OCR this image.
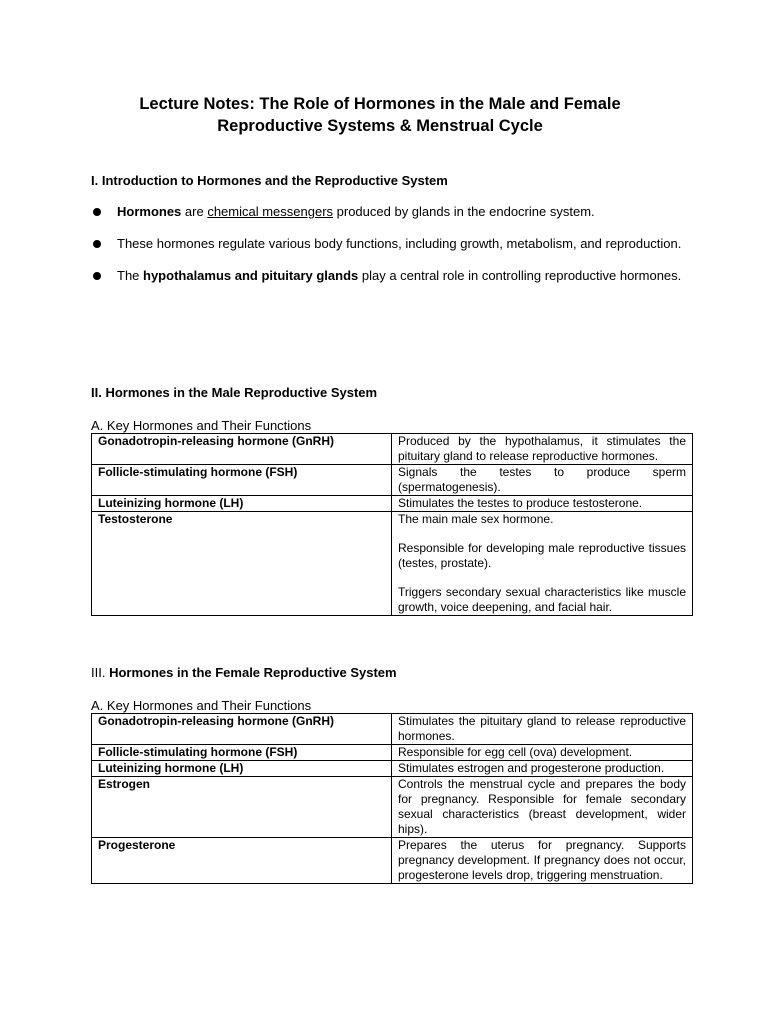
Lecture Notes: The Role of Hormones in the Male and Female
Reproductive Systems & Menstrual Cycle
I. Introduction to Hormones and the Reproductive System
Hormones are chemical messengers produced by glands in the endocrine system.
These hormones regulate various body functions, including growth, metabolism, and reproduction.
The hypothalamus and pituitary glands play a central role in controlling reproductive hormones.
II. Hormones in the Male Reproductive System
A. Key Hormones and Their Functions
Gonadotropin-releasing hormone (GnRH)	Produced by the hypothalamus, it stimulates the pituitary gland to release reproductive hormones.

Follicle-stimulating hormone (FSH)	Signals the testes to produce sperm (spermatogenesis).

Luteinizing hormone (LH)	Stimulates the testes to produce testosterone.

Testosterone	The main male sex hormone.
Responsible for developing male reproductive tissues (testes, prostate).
Triggers secondary sexual characteristics like muscle growth, voice deepening, and facial hair.
III. Hormones in the Female Reproductive System
A. Key Hormones and Their Functions
Gonadotropin-releasing hormone (GnRH)	Stimulates the pituitary gland to release reproductive hormones.

Follicle-stimulating hormone (FSH)	Responsible for egg cell (ova) development.

Luteinizing hormone (LH)	Stimulates estrogen and progesterone production.

Estrogen	Controls the menstrual cycle and prepares the body for pregnancy. Responsible for female secondary sexual characteristics (breast development, wider hips).

Progesterone	Prepares the uterus for pregnancy. Supports pregnancy development. If pregnancy does not occur, progesterone levels drop, triggering menstruation.
